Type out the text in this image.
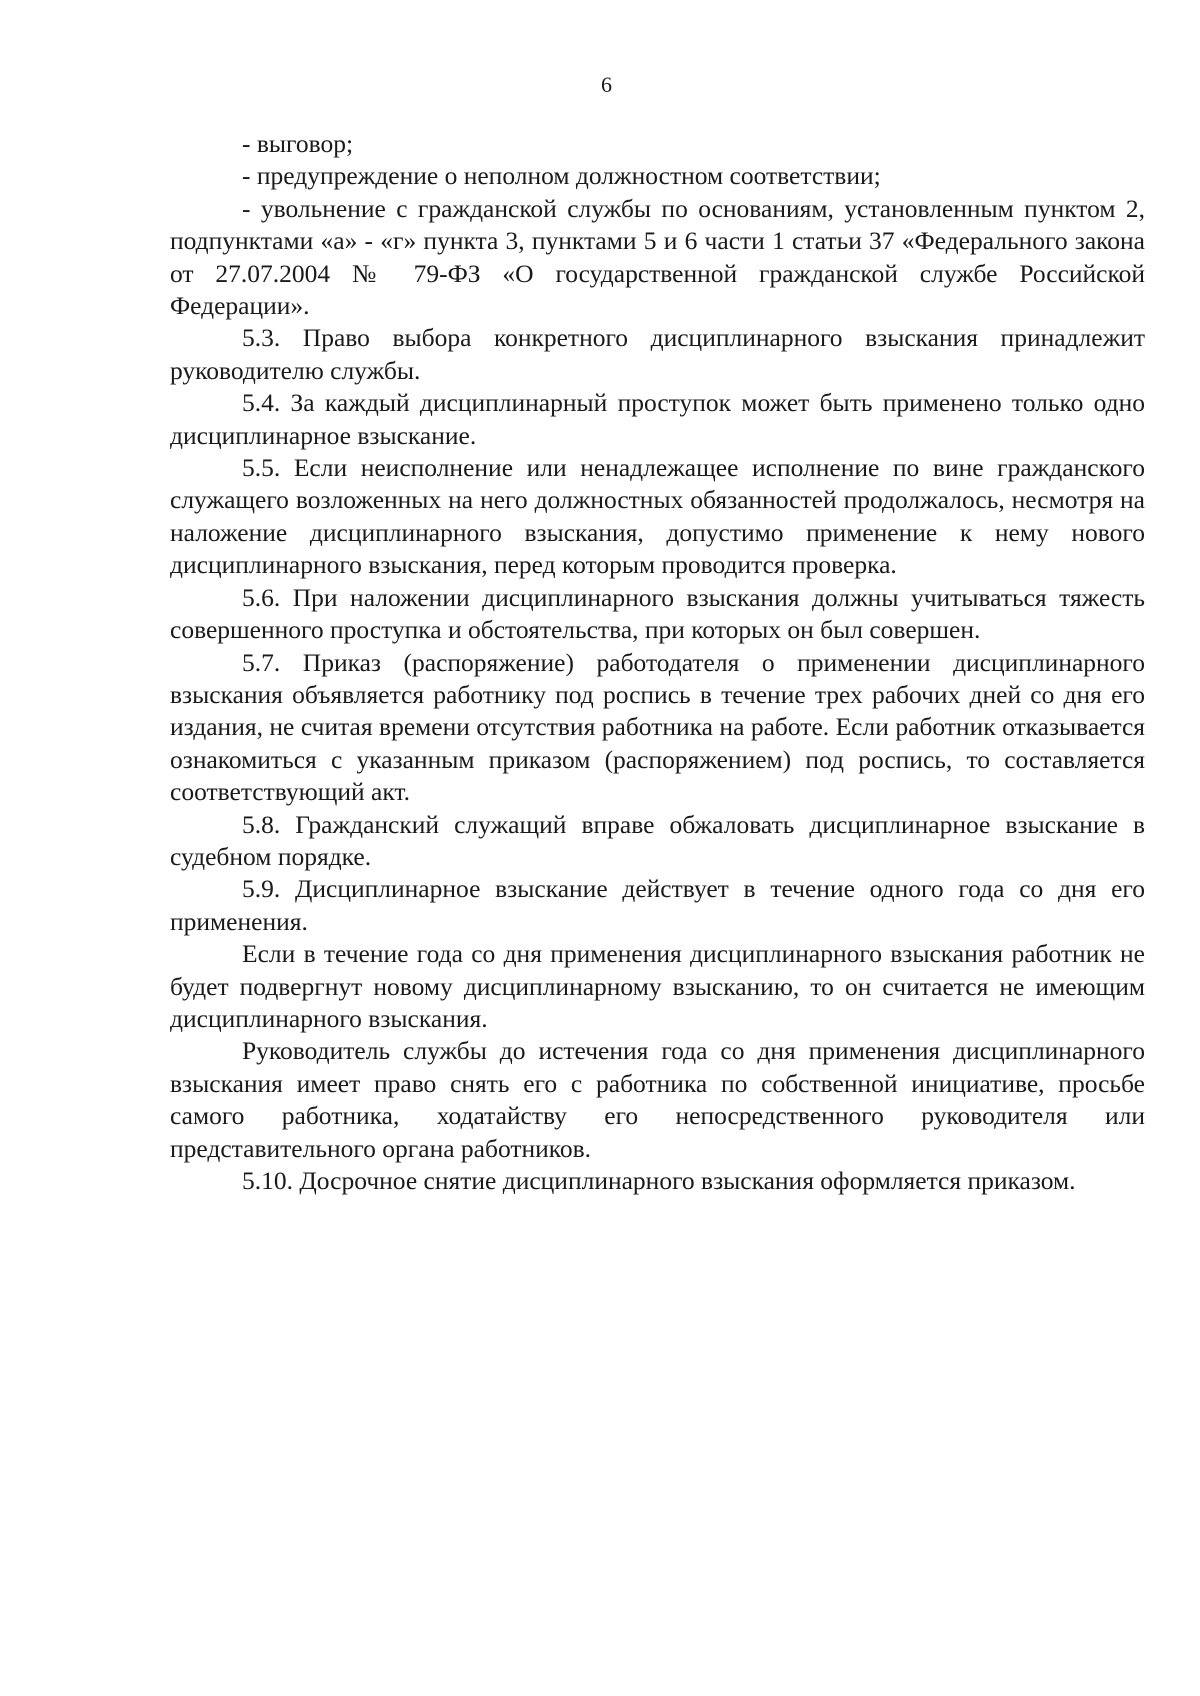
6

- выговор;

- предупреждение о неполном должностном соответствии;

- увольнение с гражданской службы по основаниям, установленным пунктом 2, подпунктами «а» - «г» пункта 3, пунктами 5 и 6 части 1 статьи 37 «Федерального закона от 27.07.2004 № 79-ФЗ «О государственной гражданской службе Российской Федерации».

5.3. Право выбора конкретного дисциплинарного взыскания принадлежит руководителю службы.

5.4. За каждый дисциплинарный проступок может быть применено только одно дисциплинарное взыскание.

5.5. Если неисполнение или ненадлежащее исполнение по вине гражданского служащего возложенных на него должностных обязанностей продолжалось, несмотря на наложение дисциплинарного взыскания, допустимо применение к нему нового дисциплинарного взыскания, перед которым проводится проверка.

5.6. При наложении дисциплинарного взыскания должны учитываться тяжесть совершенного проступка и обстоятельства, при которых он был совершен.

5.7. Приказ (распоряжение) работодателя о применении дисциплинарного взыскания объявляется работнику под роспись в течение трех рабочих дней со дня его издания, не считая времени отсутствия работника на работе. Если работник отказывается ознакомиться с указанным приказом (распоряжением) под роспись, то составляется соответствующий акт.

5.8. Гражданский служащий вправе обжаловать дисциплинарное взыскание в судебном порядке.

5.9. Дисциплинарное взыскание действует в течение одного года со дня его применения.

Если в течение года со дня применения дисциплинарного взыскания работник не будет подвергнут новому дисциплинарному взысканию, то он считается не имеющим дисциплинарного взыскания.

Руководитель службы до истечения года со дня применения дисциплинарного взыскания имеет право снять его с работника по собственной инициативе, просьбе самого работника, ходатайству его непосредственного руководителя или представительного органа работников.

5.10. Досрочное снятие дисциплинарного взыскания оформляется приказом.
